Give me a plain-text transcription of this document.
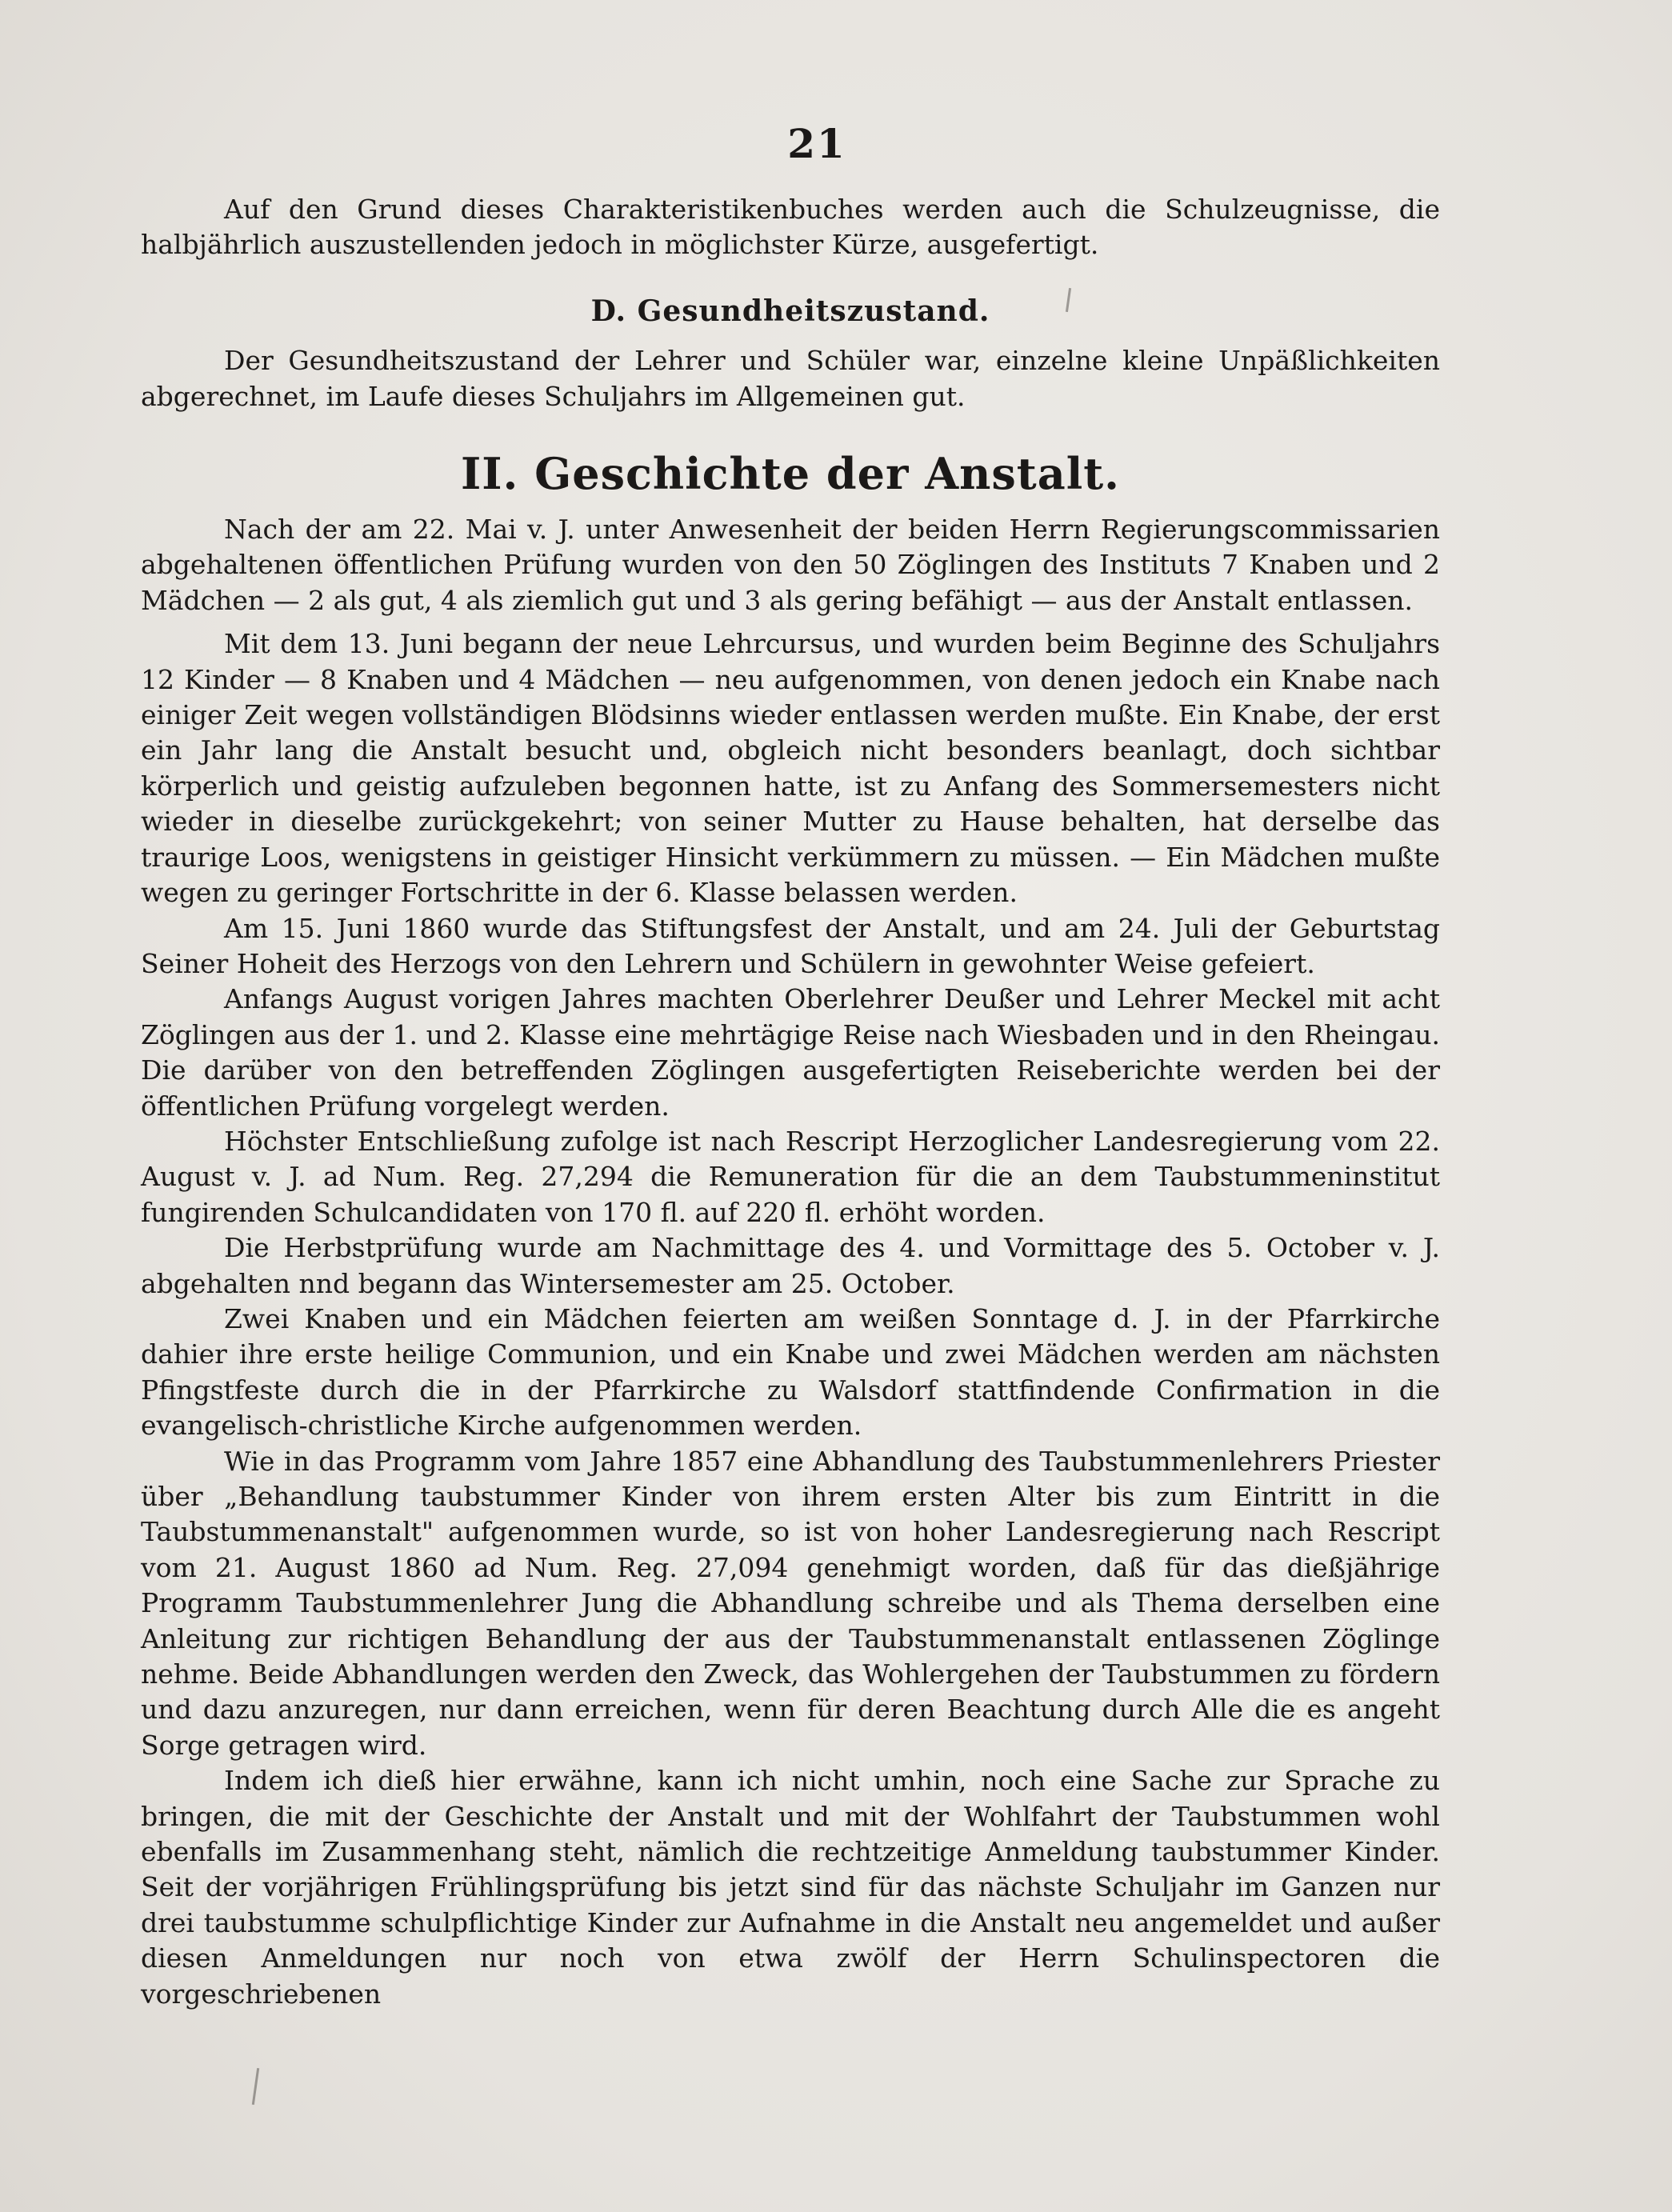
21

Auf den Grund dieses Charakteristikenbuches werden auch die Schulzeugnisse, die halbjährlich auszustellenden jedoch in möglichster Kürze, ausgefertigt.

D. Gesundheitszustand.

Der Gesundheitszustand der Lehrer und Schüler war, einzelne kleine Unpäßlichkeiten abgerechnet, im Laufe dieses Schuljahrs im Allgemeinen gut.

II. Geschichte der Anstalt.

Nach der am 22. Mai v. J. unter Anwesenheit der beiden Herrn Regierungscommissarien abgehaltenen öffentlichen Prüfung wurden von den 50 Zöglingen des Instituts 7 Knaben und 2 Mädchen — 2 als gut, 4 als ziemlich gut und 3 als gering befähigt — aus der Anstalt entlassen.

Mit dem 13. Juni begann der neue Lehrcursus, und wurden beim Beginne des Schuljahrs 12 Kinder — 8 Knaben und 4 Mädchen — neu aufgenommen, von denen jedoch ein Knabe nach einiger Zeit wegen vollständigen Blödsinns wieder entlassen werden mußte. Ein Knabe, der erst ein Jahr lang die Anstalt besucht und, obgleich nicht besonders beanlagt, doch sichtbar körperlich und geistig aufzuleben begonnen hatte, ist zu Anfang des Sommersemesters nicht wieder in dieselbe zurückgekehrt; von seiner Mutter zu Hause behalten, hat derselbe das traurige Loos, wenigstens in geistiger Hinsicht verkümmern zu müssen. — Ein Mädchen mußte wegen zu geringer Fortschritte in der 6. Klasse belassen werden.

Am 15. Juni 1860 wurde das Stiftungsfest der Anstalt, und am 24. Juli der Geburtstag Seiner Hoheit des Herzogs von den Lehrern und Schülern in gewohnter Weise gefeiert.

Anfangs August vorigen Jahres machten Oberlehrer Deußer und Lehrer Meckel mit acht Zöglingen aus der 1. und 2. Klasse eine mehrtägige Reise nach Wiesbaden und in den Rheingau. Die darüber von den betreffenden Zöglingen ausgefertigten Reiseberichte werden bei der öffentlichen Prüfung vorgelegt werden.

Höchster Entschließung zufolge ist nach Rescript Herzoglicher Landesregierung vom 22. August v. J. ad Num. Reg. 27,294 die Remuneration für die an dem Taubstummeninstitut fungirenden Schulcandidaten von 170 fl. auf 220 fl. erhöht worden.

Die Herbstprüfung wurde am Nachmittage des 4. und Vormittage des 5. October v. J. abgehalten nnd begann das Wintersemester am 25. October.

Zwei Knaben und ein Mädchen feierten am weißen Sonntage d. J. in der Pfarrkirche dahier ihre erste heilige Communion, und ein Knabe und zwei Mädchen werden am nächsten Pfingstfeste durch die in der Pfarrkirche zu Walsdorf stattfindende Confirmation in die evangelisch-christliche Kirche aufgenommen werden.

Wie in das Programm vom Jahre 1857 eine Abhandlung des Taubstummenlehrers Priester über „Behandlung taubstummer Kinder von ihrem ersten Alter bis zum Eintritt in die Taubstummenanstalt" aufgenommen wurde, so ist von hoher Landesregierung nach Rescript vom 21. August 1860 ad Num. Reg. 27,094 genehmigt worden, daß für das dießjährige Programm Taubstummenlehrer Jung die Abhandlung schreibe und als Thema derselben eine Anleitung zur richtigen Behandlung der aus der Taubstummenanstalt entlassenen Zöglinge nehme. Beide Abhandlungen werden den Zweck, das Wohlergehen der Taubstummen zu fördern und dazu anzuregen, nur dann erreichen, wenn für deren Beachtung durch Alle die es angeht Sorge getragen wird.

Indem ich dieß hier erwähne, kann ich nicht umhin, noch eine Sache zur Sprache zu bringen, die mit der Geschichte der Anstalt und mit der Wohlfahrt der Taubstummen wohl ebenfalls im Zusammenhang steht, nämlich die rechtzeitige Anmeldung taubstummer Kinder. Seit der vorjährigen Frühlingsprüfung bis jetzt sind für das nächste Schuljahr im Ganzen nur drei taubstumme schulpflichtige Kinder zur Aufnahme in die Anstalt neu angemeldet und außer diesen Anmeldungen nur noch von etwa zwölf der Herrn Schulinspectoren die vorgeschriebenen
